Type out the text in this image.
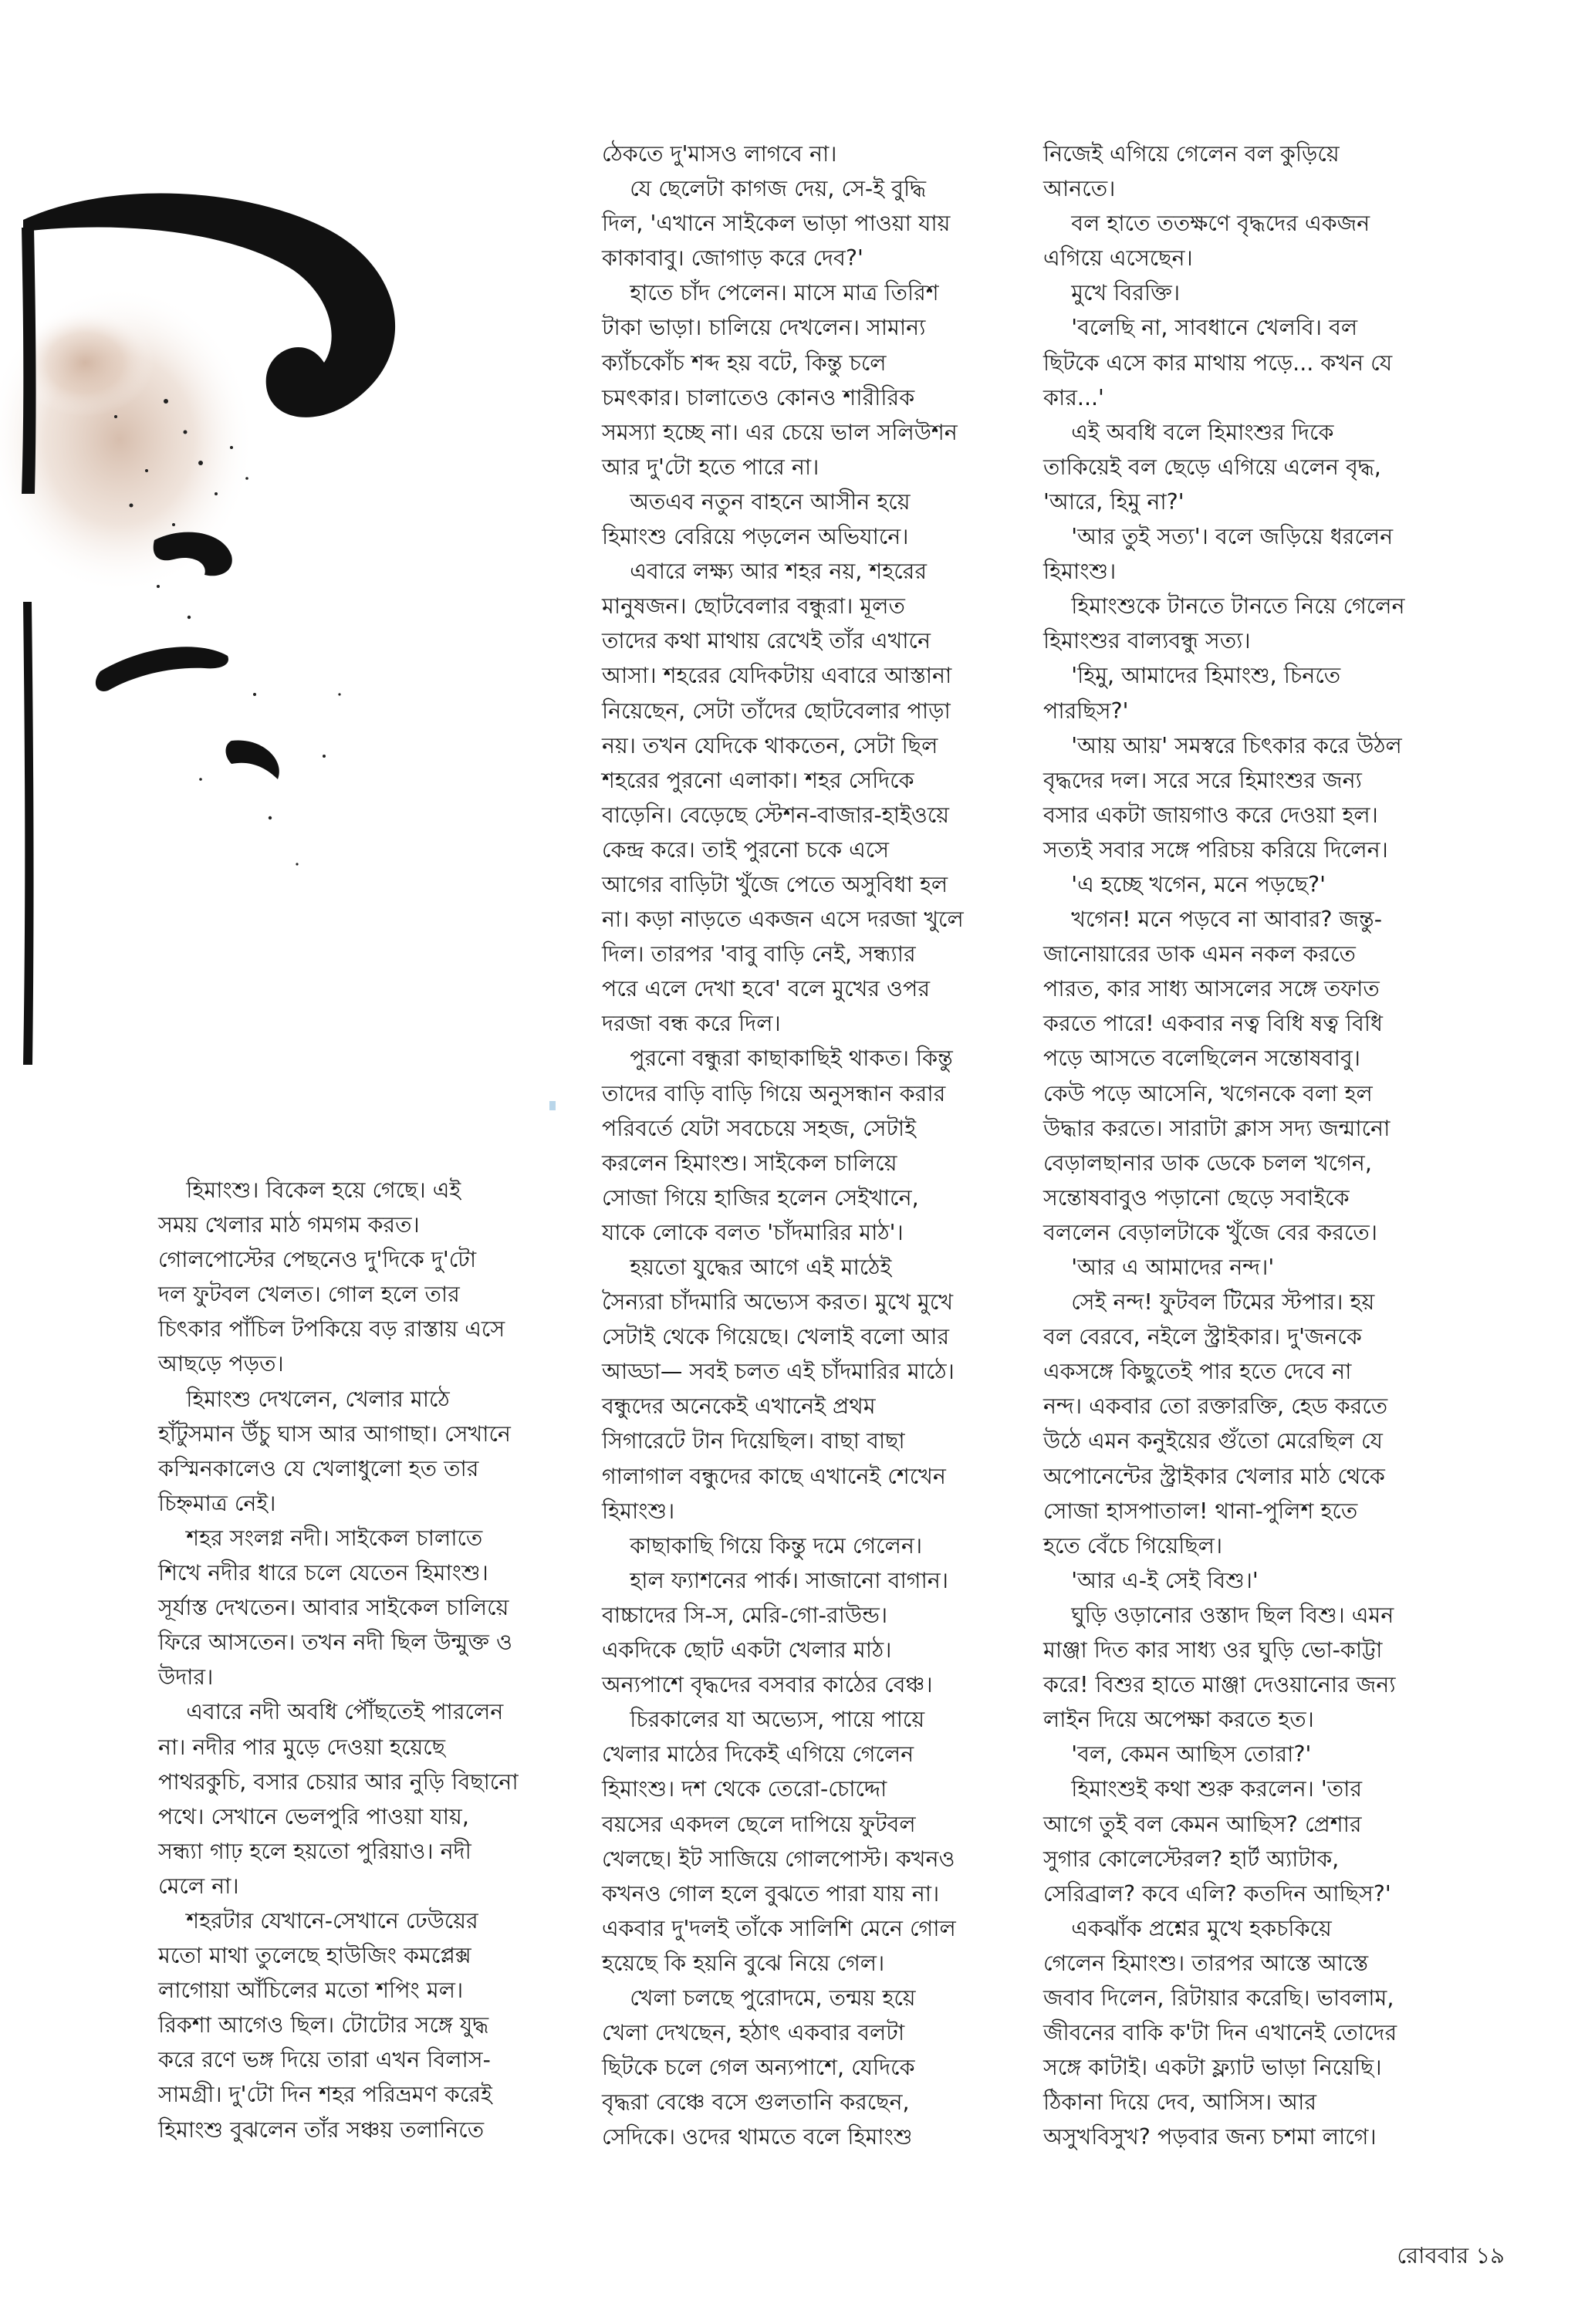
হিমাংশু। বিকেল হয়ে গেছে। এই

সময় খেলার মাঠ গমগম করত।

গোলপোস্টের পেছনেও দু'দিকে দু'টো

দল ফুটবল খেলত। গোল হলে তার

চিৎকার পাঁচিল টপকিয়ে বড় রাস্তায় এসে

আছড়ে পড়ত।

হিমাংশু দেখলেন, খেলার মাঠে

হাঁটুসমান উঁচু ঘাস আর আগাছা। সেখানে

কস্মিনকালেও যে খেলাধুলো হত তার

চিহ্নমাত্র নেই।

শহর সংলগ্ন নদী। সাইকেল চালাতে

শিখে নদীর ধারে চলে যেতেন হিমাংশু।

সূর্যাস্ত দেখতেন। আবার সাইকেল চালিয়ে

ফিরে আসতেন। তখন নদী ছিল উন্মুক্ত ও

উদার।

এবারে নদী অবধি পৌঁছতেই পারলেন

না। নদীর পার মুড়ে দেওয়া হয়েছে

পাথরকুচি, বসার চেয়ার আর নুড়ি বিছানো

পথে। সেখানে ভেলপুরি পাওয়া যায়,

সন্ধ্যা গাঢ় হলে হয়তো পুরিয়াও। নদী

মেলে না।

শহরটার যেখানে-সেখানে ঢেউয়ের

মতো মাথা তুলেছে হাউজিং কমপ্লেক্স

লাগোয়া আঁচিলের মতো শপিং মল।

রিকশা আগেও ছিল। টোটোর সঙ্গে যুদ্ধ

করে রণে ভঙ্গ দিয়ে তারা এখন বিলাস-

সামগ্রী। দু'টো দিন শহর পরিভ্রমণ করেই

হিমাংশু বুঝলেন তাঁর সঞ্চয় তলানিতে

ঠেকতে দু'মাসও লাগবে না।

যে ছেলেটা কাগজ দেয়, সে-ই বুদ্ধি

দিল, 'এখানে সাইকেল ভাড়া পাওয়া যায়

কাকাবাবু। জোগাড় করে দেব?'

হাতে চাঁদ পেলেন। মাসে মাত্র তিরিশ

টাকা ভাড়া। চালিয়ে দেখলেন। সামান্য

ক্যাঁচকোঁচ শব্দ হয় বটে, কিন্তু চলে

চমৎকার। চালাতেও কোনও শারীরিক

সমস্যা হচ্ছে না। এর চেয়ে ভাল সলিউশন

আর দু'টো হতে পারে না।

অতএব নতুন বাহনে আসীন হয়ে

হিমাংশু বেরিয়ে পড়লেন অভিযানে।

এবারে লক্ষ্য আর শহর নয়, শহরের

মানুষজন। ছোটবেলার বন্ধুরা। মূলত

তাদের কথা মাথায় রেখেই তাঁর এখানে

আসা। শহরের যেদিকটায় এবারে আস্তানা

নিয়েছেন, সেটা তাঁদের ছোটবেলার পাড়া

নয়। তখন যেদিকে থাকতেন, সেটা ছিল

শহরের পুরনো এলাকা। শহর সেদিকে

বাড়েনি। বেড়েছে স্টেশন-বাজার-হাইওয়ে

কেন্দ্র করে। তাই পুরনো চকে এসে

আগের বাড়িটা খুঁজে পেতে অসুবিধা হল

না। কড়া নাড়তে একজন এসে দরজা খুলে

দিল। তারপর 'বাবু বাড়ি নেই, সন্ধ্যার

পরে এলে দেখা হবে' বলে মুখের ওপর

দরজা বন্ধ করে দিল।

পুরনো বন্ধুরা কাছাকাছিই থাকত। কিন্তু

তাদের বাড়ি বাড়ি গিয়ে অনুসন্ধান করার

পরিবর্তে যেটা সবচেয়ে সহজ, সেটাই

করলেন হিমাংশু। সাইকেল চালিয়ে

সোজা গিয়ে হাজির হলেন সেইখানে,

যাকে লোকে বলত 'চাঁদমারির মাঠ'।

হয়তো যুদ্ধের আগে এই মাঠেই

সৈন্যরা চাঁদমারি অভ্যেস করত। মুখে মুখে

সেটাই থেকে গিয়েছে। খেলাই বলো আর

আড্ডা— সবই চলত এই চাঁদমারির মাঠে।

বন্ধুদের অনেকেই এখানেই প্রথম

সিগারেটে টান দিয়েছিল। বাছা বাছা

গালাগাল বন্ধুদের কাছে এখানেই শেখেন

হিমাংশু।

কাছাকাছি গিয়ে কিন্তু দমে গেলেন।

হাল ফ্যাশনের পার্ক। সাজানো বাগান।

বাচ্চাদের সি-স, মেরি-গো-রাউন্ড।

একদিকে ছোট একটা খেলার মাঠ।

অন্যপাশে বৃদ্ধদের বসবার কাঠের বেঞ্চ।

চিরকালের যা অভ্যেস, পায়ে পায়ে

খেলার মাঠের দিকেই এগিয়ে গেলেন

হিমাংশু। দশ থেকে তেরো-চোদ্দো

বয়সের একদল ছেলে দাপিয়ে ফুটবল

খেলছে। ইট সাজিয়ে গোলপোস্ট। কখনও

কখনও গোল হলে বুঝতে পারা যায় না।

একবার দু'দলই তাঁকে সালিশি মেনে গোল

হয়েছে কি হয়নি বুঝে নিয়ে গেল।

খেলা চলছে পুরোদমে, তন্ময় হয়ে

খেলা দেখছেন, হঠাৎ একবার বলটা

ছিটকে চলে গেল অন্যপাশে, যেদিকে

বৃদ্ধরা বেঞ্চে বসে গুলতানি করছেন,

সেদিকে। ওদের থামতে বলে হিমাংশু

নিজেই এগিয়ে গেলেন বল কুড়িয়ে

আনতে।

বল হাতে ততক্ষণে বৃদ্ধদের একজন

এগিয়ে এসেছেন।

মুখে বিরক্তি।

'বলেছি না, সাবধানে খেলবি। বল

ছিটকে এসে কার মাথায় পড়ে... কখন যে

কার...'

এই অবধি বলে হিমাংশুর দিকে

তাকিয়েই বল ছেড়ে এগিয়ে এলেন বৃদ্ধ,

'আরে, হিমু না?'

'আর তুই সত্য'। বলে জড়িয়ে ধরলেন

হিমাংশু।

হিমাংশুকে টানতে টানতে নিয়ে গেলেন

হিমাংশুর বাল্যবন্ধু সত্য।

'হিমু, আমাদের হিমাংশু, চিনতে

পারছিস?'

'আয় আয়' সমস্বরে চিৎকার করে উঠল

বৃদ্ধদের দল। সরে সরে হিমাংশুর জন্য

বসার একটা জায়গাও করে দেওয়া হল।

সত্যই সবার সঙ্গে পরিচয় করিয়ে দিলেন।

'এ হচ্ছে খগেন, মনে পড়ছে?'

খগেন! মনে পড়বে না আবার? জন্তু-

জানোয়ারের ডাক এমন নকল করতে

পারত, কার সাধ্য আসলের সঙ্গে তফাত

করতে পারে! একবার নত্ব বিধি ষত্ব বিধি

পড়ে আসতে বলেছিলেন সন্তোষবাবু।

কেউ পড়ে আসেনি, খগেনকে বলা হল

উদ্ধার করতে। সারাটা ক্লাস সদ্য জন্মানো

বেড়ালছানার ডাক ডেকে চলল খগেন,

সন্তোষবাবুও পড়ানো ছেড়ে সবাইকে

বললেন বেড়ালটাকে খুঁজে বের করতে।

'আর এ আমাদের নন্দ।'

সেই নন্দ! ফুটবল টিমের স্টপার। হয়

বল বেরবে, নইলে স্ট্রাইকার। দু'জনকে

একসঙ্গে কিছুতেই পার হতে দেবে না

নন্দ। একবার তো রক্তারক্তি, হেড করতে

উঠে এমন কনুইয়ের গুঁতো মেরেছিল যে

অপোনেন্টের স্ট্রাইকার খেলার মাঠ থেকে

সোজা হাসপাতাল! থানা-পুলিশ হতে

হতে বেঁচে গিয়েছিল।

'আর এ-ই সেই বিশু।'

ঘুড়ি ওড়ানোর ওস্তাদ ছিল বিশু। এমন

মাঞ্জা দিত কার সাধ্য ওর ঘুড়ি ভো-কাট্টা

করে! বিশুর হাতে মাঞ্জা দেওয়ানোর জন্য

লাইন দিয়ে অপেক্ষা করতে হত।

'বল, কেমন আছিস তোরা?'

হিমাংশুই কথা শুরু করলেন। 'তার

আগে তুই বল কেমন আছিস? প্রেশার

সুগার কোলেস্টেরল? হার্ট অ্যাটাক,

সেরিব্রাল? কবে এলি? কতদিন আছিস?'

একঝাঁক প্রশ্নের মুখে হকচকিয়ে

গেলেন হিমাংশু। তারপর আস্তে আস্তে

জবাব দিলেন, রিটায়ার করেছি। ভাবলাম,

জীবনের বাকি ক'টা দিন এখানেই তোদের

সঙ্গে কাটাই। একটা ফ্ল্যাট ভাড়া নিয়েছি।

ঠিকানা দিয়ে দেব, আসিস। আর

অসুখবিসুখ? পড়বার জন্য চশমা লাগে।

রোববার ১৯
